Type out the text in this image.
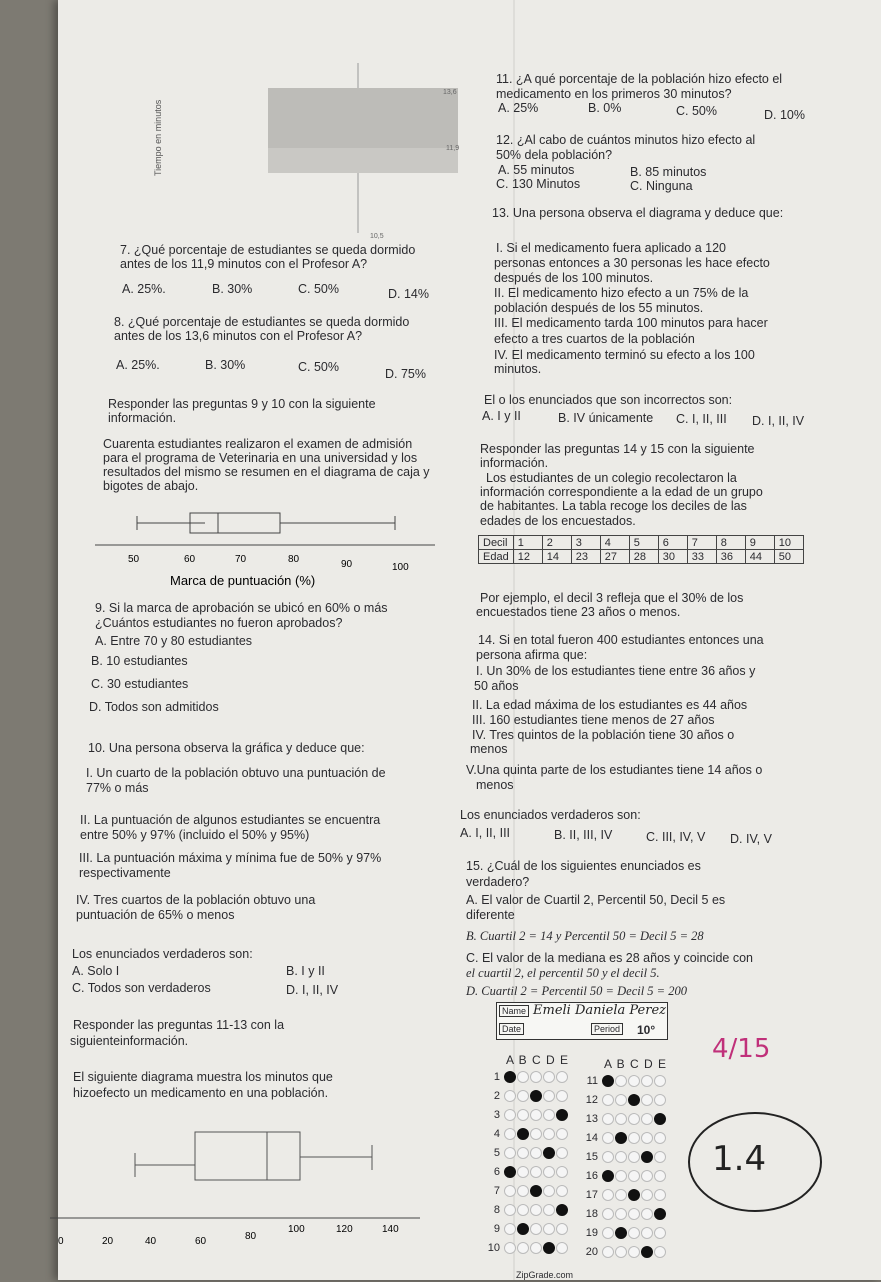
Tiempo en minutos
13,6
11,9
10,5
7. ¿Qué porcentaje de estudiantes se queda dormido antes de los 11,9 minutos con el Profesor A?
A. 25%.	B. 30%	C. 50%	D. 14%
8. ¿Qué porcentaje de estudiantes se queda dormido antes de los 13,6 minutos con el Profesor A?
A. 25%.	B. 30%	C. 50%	D. 75%
Responder las preguntas 9 y 10 con la siguiente información.
Cuarenta estudiantes realizaron el examen de admisión para el programa de Veterinaria en una universidad y los resultados del mismo se resumen en el diagrama de caja y bigotes de abajo.
50	60	70	80	90	100
Marca de puntuación (%)
9. Si la marca de aprobación se ubicó en 60% o más
¿Cuántos estudiantes no fueron aprobados?
A. Entre 70 y 80 estudiantes
B. 10 estudiantes
C. 30 estudiantes
D. Todos son admitidos
10. Una persona observa la gráfica y deduce que:
I. Un cuarto de la población obtuvo una puntuación de
77% o más
II. La puntuación de algunos estudiantes se encuentra
entre 50% y 97% (incluido el 50% y 95%)
III. La puntuación máxima y mínima fue de 50% y 97%
respectivamente
IV. Tres cuartos de la población obtuvo una
puntuación de 65% o menos
Los enunciados verdaderos son:
A. Solo I	B. I y II
C. Todos son verdaderos	D. I, II, IV
Responder las preguntas 11-13 con la
siguienteinformación.
El siguiente diagrama muestra los minutos que
hizoefecto un medicamento en una población.
0	20	40	60	80
100	120	140
11. ¿A qué porcentaje de la población hizo efecto el
medicamento en los primeros 30 minutos?
A. 25%	B. 0%	C. 50%	D. 10%
12. ¿Al cabo de cuántos minutos hizo efecto al
50% dela población?
A. 55 minutos	B. 85 minutos
C. 130 Minutos	C. Ninguna
13. Una persona observa el diagrama y deduce que:
I. Si el medicamento fuera aplicado a 120
personas entonces a 30 personas les hace efecto
después de los 100 minutos.
II. El medicamento hizo efecto a un 75% de la
población después de los 55 minutos.
III. El medicamento tarda 100 minutos para hacer
efecto a tres cuartos de la población
IV. El medicamento terminó su efecto a los 100
minutos.
El o los enunciados que son incorrectos son:
A. I y II	B. IV únicamente C. I, II, III D. I, II, IV
Responder las preguntas 14 y 15 con la siguiente información.
Los estudiantes de un colegio recolectaron la
información correspondiente a la edad de un grupo
de habitantes. La tabla recoge los deciles de las
edades de los encuestados.
Decil	1	2	3	4	5	6	7	8	9	10
Edad	12	14	23	27	28	30	33	36	44	50
Por ejemplo, el decil 3 refleja que el 30% de los
encuestados tiene 23 años o menos.
14. Si en total fueron 400 estudiantes entonces una
persona afirma que:
I. Un 30% de los estudiantes tiene entre 36 años y
50 años
II. La edad máxima de los estudiantes es 44 años
III. 160 estudiantes tiene menos de 27 años
IV. Tres quintos de la población tiene 30 años o
menos
V.Una quinta parte de los estudiantes tiene 14 años o
menos
Los enunciados verdaderos son:
A. I, II, III	B. II, III, IV	C. III, IV, V D. IV, V
15. ¿Cuál de los siguientes enunciados es
verdadero?
A. El valor de Cuartil 2, Percentil 50, Decil 5 es
diferente
B. Cuartil 2 = 14 y Percentil 50 = Decil 5 = 28
C. El valor de la mediana es 28 años y coincide con
el cuartil 2, el percentil 50 y el decil 5.
D. Cuartil 2 = Percentil 50 = Decil 5 = 200
Name Emeli Daniela Perez
Date	Period 10°
A B C D E	A B C D E
1
2
3
4
5
6
7
8
9
10
11
12
13
14
15
16
17
18
19
20
4/15
1.4
ZipGrade.com
